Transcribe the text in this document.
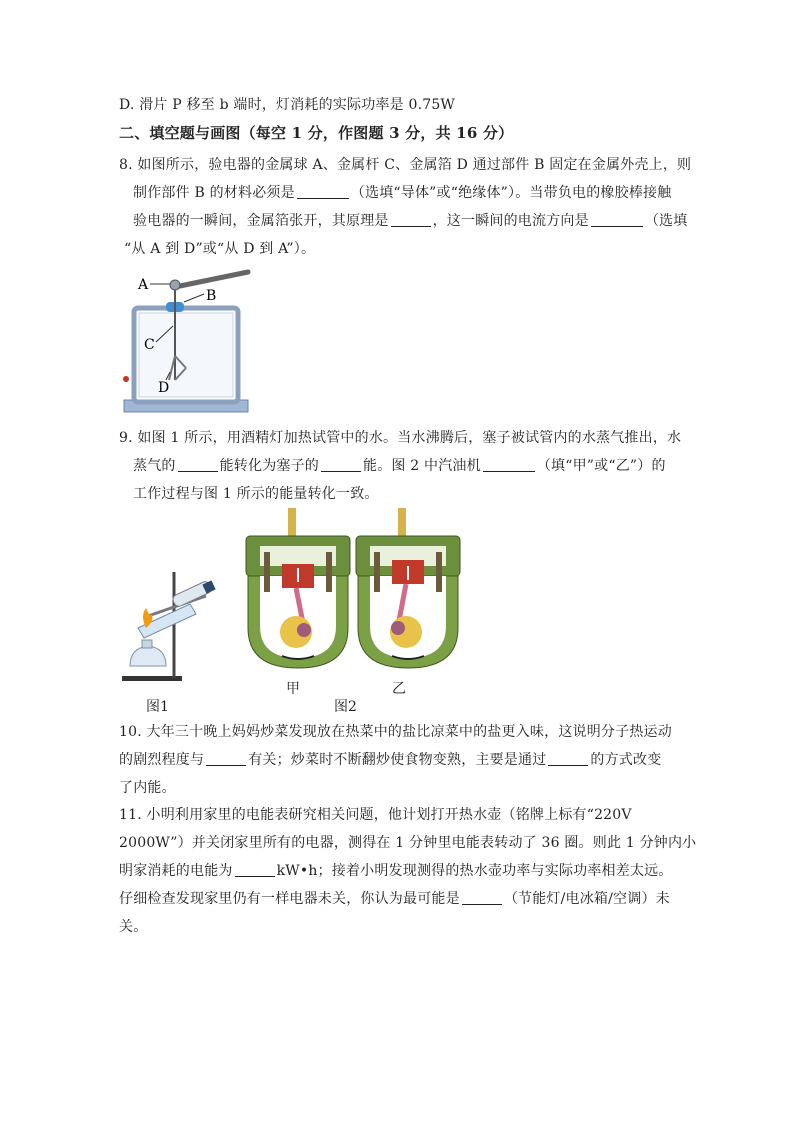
D. 滑片 P 移至 b 端时，灯消耗的实际功率是 0.75W
二、填空题与画图（每空 1 分，作图题 3 分，共 16 分）
8. 如图所示，验电器的金属球 A、金属杆 C、金属箔 D 通过部件 B 固定在金属外壳上，则
制作部件 B 的材料必须是	（选填“导体”或“绝缘体”）。当带负电的橡胶棒接触
验电器的一瞬间，金属箔张开，其原理是	，这一瞬间的电流方向是	（选填
“从 A 到 D”或“从 D 到 A”）。
A
B
C
D
9. 如图 1 所示，用酒精灯加热试管中的水。当水沸腾后，塞子被试管内的水蒸气推出，水
蒸气的	能转化为塞子的	能。图 2 中汽油机	（填“甲”或“乙”）的
工作过程与图 1 所示的能量转化一致。
甲	乙
图1	图2
10. 大年三十晚上妈妈炒菜发现放在热菜中的盐比凉菜中的盐更入味，这说明分子热运动
的剧烈程度与	有关；炒菜时不断翻炒使食物变熟，主要是通过	的方式改变
了内能。
11. 小明利用家里的电能表研究相关问题，他计划打开热水壶（铭牌上标有“220V
2000W”）并关闭家里所有的电器，测得在 1 分钟里电能表转动了 36 圈。则此 1 分钟内小
明家消耗的电能为	kW•h；接着小明发现测得的热水壶功率与实际功率相差太远。
仔细检查发现家里仍有一样电器未关，你认为最可能是	（节能灯/电冰箱/空调）未
关。
